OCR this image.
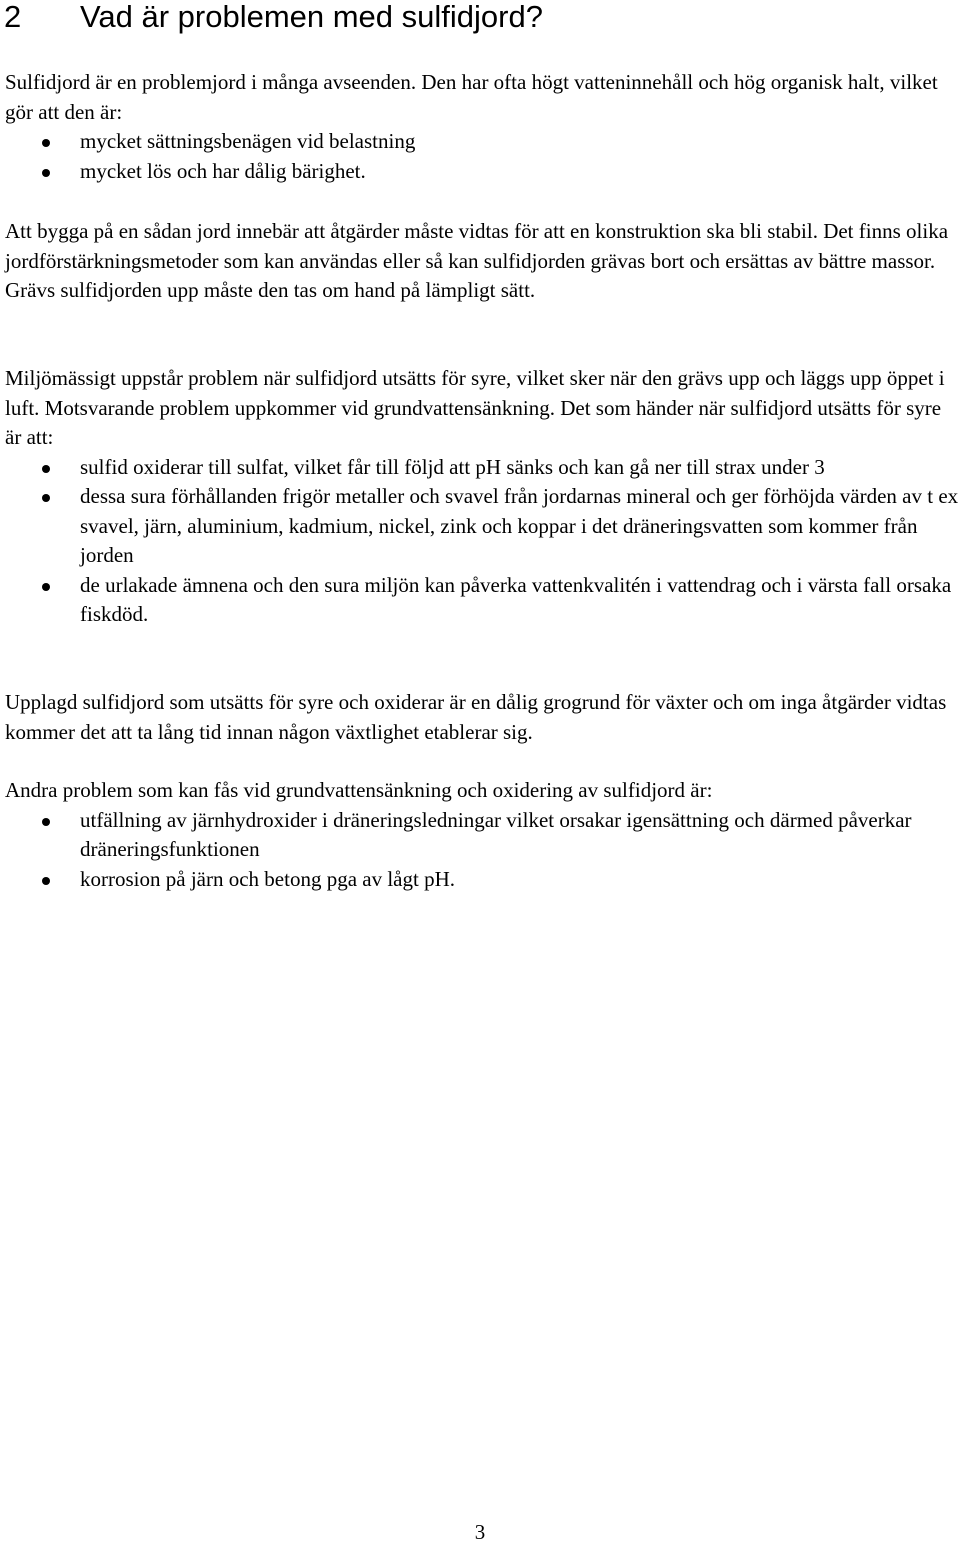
2 Vad är problemen med sulfidjord?

Sulfidjord är en problemjord i många avseenden. Den har ofta högt vatteninnehåll och hög organisk halt, vilket gör att den är:

mycket sättningsbenägen vid belastning
mycket lös och har dålig bärighet.

Att bygga på en sådan jord innebär att åtgärder måste vidtas för att en konstruktion ska bli stabil. Det finns olika jordförstärkningsmetoder som kan användas eller så kan sulfidjorden grävas bort och ersättas av bättre massor. Grävs sulfidjorden upp måste den tas om hand på lämpligt sätt.

Miljömässigt uppstår problem när sulfidjord utsätts för syre, vilket sker när den grävs upp och läggs upp öppet i luft. Motsvarande problem uppkommer vid grundvattensänkning. Det som händer när sulfidjord utsätts för syre är att:

sulfid oxiderar till sulfat, vilket får till följd att pH sänks och kan gå ner till strax under 3
dessa sura förhållanden frigör metaller och svavel från jordarnas mineral och ger förhöjda värden av t ex svavel, järn, aluminium, kadmium, nickel, zink och koppar i det dräneringsvatten som kommer från jorden
de urlakade ämnena och den sura miljön kan påverka vattenkvalitén i vattendrag och i värsta fall orsaka fiskdöd.

Upplagd sulfidjord som utsätts för syre och oxiderar är en dålig grogrund för växter och om inga åtgärder vidtas kommer det att ta lång tid innan någon växtlighet etablerar sig.

Andra problem som kan fås vid grundvattensänkning och oxidering av sulfidjord är:

utfällning av järnhydroxider i dräneringsledningar vilket orsakar igensättning och därmed påverkar dräneringsfunktionen
korrosion på järn och betong pga av lågt pH.
3
